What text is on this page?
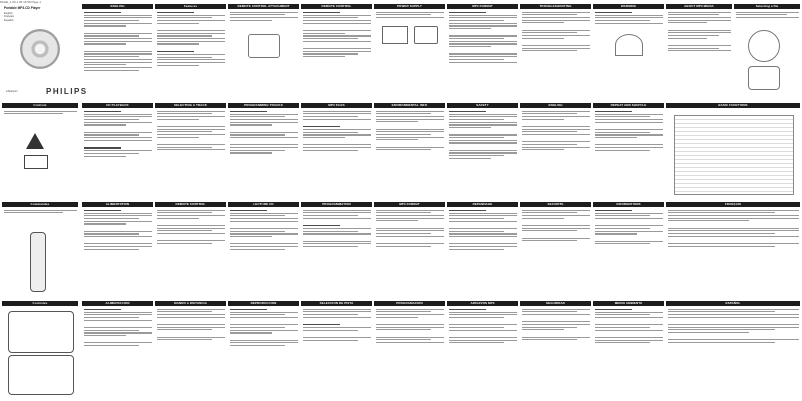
PAGE_1 06.1.05 16:58 Page 1
Portable MP3-CD Player
English
Français
Español
eXpanium	PHILIPS
ENGLISH	Features	REMOTE CONTROL ATTACHMENT	REMOTE CONTROL	POWER SUPPLY	MP3 FORMAT	TROUBLESHOOTING	WARNING	ABOUT MP3 MEDIA	Selecting a file
Controls	CD PLAYBACK	SELECTING A TRACK	PROGRAMMING TRACKS	MP3 FILES	ENVIRONMENTAL INFO	SAFETY	ENGLISH	REPEAT AND SHUFFLE	BASIC FUNCTIONS
Commandes	ALIMENTATION	REMOTE CONTROL	LECTURE CD	PROGRAMMATION	MP3 FORMAT	DEPANNAGE	SECURITE	INFORMATIONS	FRANÇAIS
Controles	ALIMENTACION	MANDO A DISTANCIA	REPRODUCCION	SELECCION DE PISTA	PROGRAMACION	ARCHIVOS MP3	SEGURIDAD	MEDIO AMBIENTE	ESPAÑOL
